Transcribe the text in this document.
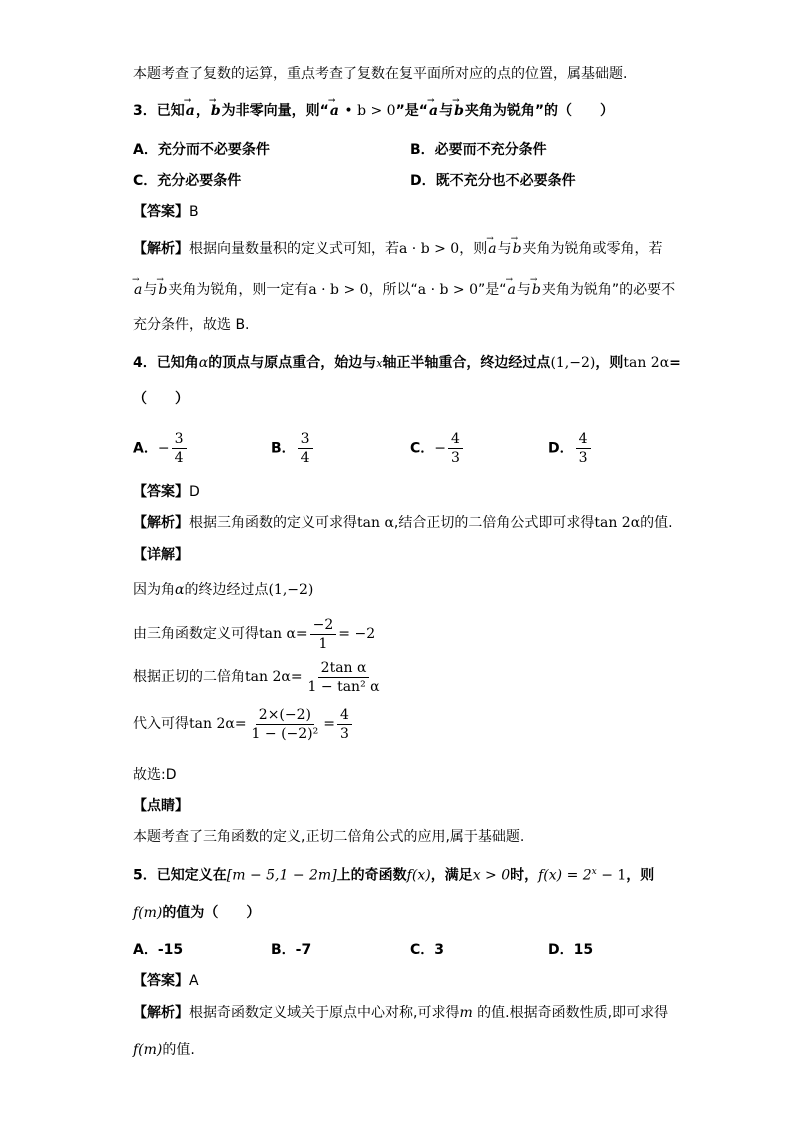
本题考查了复数的运算，重点考查了复数在复平面所对应的点的位置，属基础题.
3．已知→ a，→ b为非零向量，则“→ a • b > 0”是“→ a与→ b夹角为锐角”的（　　）
A．充分而不必要条件	B．必要而不充分条件
C．充分必要条件	D．既不充分也不必要条件
【答案】B
【解析】根据向量数量积的定义式可知，若a · b > 0，则→ a与→ b夹角为锐角或零角，若
→ a与→ b夹角为锐角，则一定有a · b > 0，所以“a · b > 0”是“→ a与→ b夹角为锐角”的必要不
充分条件，故选 B.
4．已知角α的顶点与原点重合，始边与x轴正半轴重合，终边经过点(1,−2)，则tan 2α=
（　　）
A．− $\frac{3}{4}$	B． $\frac{3}{4}$	C．− $\frac{4}{3}$	D． $\frac{4}{3}$
【答案】D
【解析】根据三角函数的定义可求得tan α,结合正切的二倍角公式即可求得tan 2α的值.
【详解】
因为角α的终边经过点(1,−2)
由三角函数定义可得$\tan \alpha= \frac{-2}{1} = -2$
根据正切的二倍角$\tan 2\alpha= \frac{\text{2tan α}}{\text{1 − tan² α}}$
代入可得$\tan 2\alpha= \frac{2\times(-2)}{\text{1 − (−2)²}} = \frac{4}{3}$
故选:D
【点睛】
本题考查了三角函数的定义,正切二倍角公式的应用,属于基础题.
5．已知定义在[m − 5,1 − 2m]上的奇函数f(x)，满足x > 0时，$f(x) = 2^x - 1$，则
f(m)的值为（　　）
A．-15	B．-7	C．3	D．15
【答案】A
【解析】根据奇函数定义域关于原点中心对称,可求得m 的值.根据奇函数性质,即可求得
f(m)的值.
